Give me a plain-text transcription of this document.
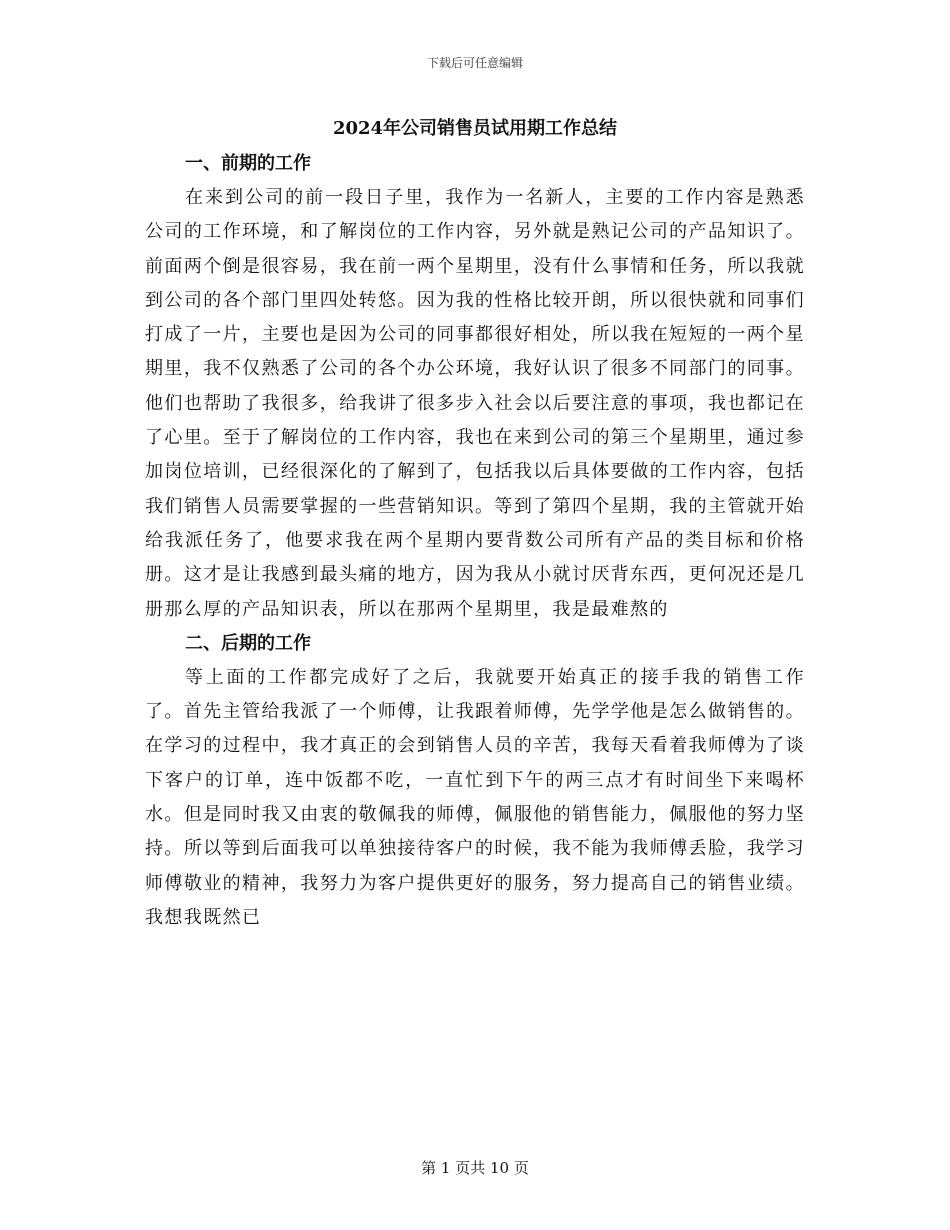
下载后可任意编辑
2024年公司销售员试用期工作总结
一、前期的工作

在来到公司的前一段日子里，我作为一名新人，主要的工作内容是熟悉公司的工作环境，和了解岗位的工作内容，另外就是熟记公司的产品知识了。前面两个倒是很容易，我在前一两个星期里，没有什么事情和任务，所以我就到公司的各个部门里四处转悠。因为我的性格比较开朗，所以很快就和同事们打成了一片，主要也是因为公司的同事都很好相处，所以我在短短的一两个星期里，我不仅熟悉了公司的各个办公环境，我好认识了很多不同部门的同事。他们也帮助了我很多，给我讲了很多步入社会以后要注意的事项，我也都记在了心里。至于了解岗位的工作内容，我也在来到公司的第三个星期里，通过参加岗位培训，已经很深化的了解到了，包括我以后具体要做的工作内容，包括我们销售人员需要掌握的一些营销知识。等到了第四个星期，我的主管就开始给我派任务了，他要求我在两个星期内要背数公司所有产品的类目标和价格册。这才是让我感到最头痛的地方，因为我从小就讨厌背东西，更何况还是几册那么厚的产品知识表，所以在那两个星期里，我是最难熬的

二、后期的工作

等上面的工作都完成好了之后，我就要开始真正的接手我的销售工作了。首先主管给我派了一个师傅，让我跟着师傅，先学学他是怎么做销售的。在学习的过程中，我才真正的会到销售人员的辛苦，我每天看着我师傅为了谈下客户的订单，连中饭都不吃，一直忙到下午的两三点才有时间坐下来喝杯水。但是同时我又由衷的敬佩我的师傅，佩服他的销售能力，佩服他的努力坚持。所以等到后面我可以单独接待客户的时候，我不能为我师傅丢脸，我学习师傅敬业的精神，我努力为客户提供更好的服务，努力提高自己的销售业绩。我想我既然已

第 1 页共 10 页
